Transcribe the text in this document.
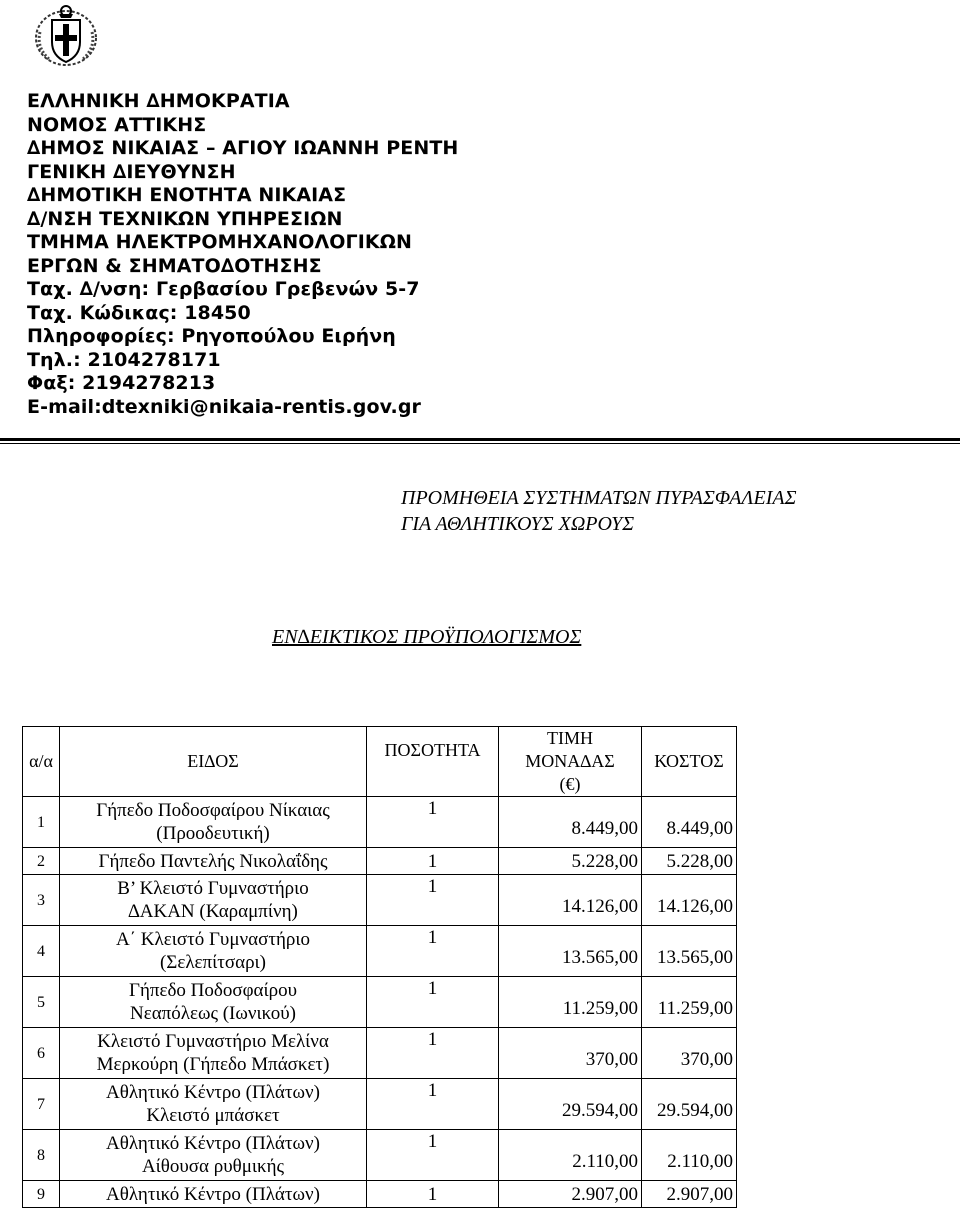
ΕΛΛΗΝΙΚΗ ∆ΗΜΟΚΡΑΤΙΑ
ΝΟΜΟΣ ΑΤΤΙΚΗΣ
∆ΗΜΟΣ ΝΙΚΑΙΑΣ – ΑΓΙΟΥ ΙΩΑΝΝΗ ΡΕΝΤΗ
ΓΕΝΙΚΗ ∆ΙΕΥΘΥΝΣΗ
∆ΗΜΟΤΙΚΗ ΕΝΟΤΗΤΑ ΝΙΚΑΙΑΣ
∆/ΝΣΗ ΤΕΧΝΙΚΩΝ ΥΠΗΡΕΣΙΩΝ
ΤΜΗΜΑ ΗΛΕΚΤΡΟΜΗΧΑΝΟΛΟΓΙΚΩΝ
ΕΡΓΩΝ & ΣΗΜΑΤΟ∆ΟΤΗΣΗΣ
Ταχ. ∆/νση: Γερβασίου Γρεβενών 5-7
Ταχ. Κώδικας: 18450
Πληροφορίες: Ρηγοπούλου Ειρήνη
Τηλ.: 2104278171
Φαξ: 2194278213
E-mail:dtexniki@nikaia-rentis.gov.gr
ΠΡΟΜΗΘΕΙΑ ΣΥΣΤΗΜΑΤΩΝ ΠΥΡΑΣΦΑΛΕΙΑΣ
ΓΙΑ ΑΘΛΗΤΙΚΟΥΣ ΧΩΡΟΥΣ
ΕΝ∆ΕΙΚΤΙΚΟΣ ΠΡΟΫΠΟΛΟΓΙΣΜΟΣ
α/α	ΕΙ∆ΟΣ	ΠΟΣΟΤΗΤΑ	ΤΙΜΗ ΜΟΝΑ∆ΑΣ
(€)	ΚΟΣΤΟΣ
1	Γήπεδο Ποδοσφαίρου Νίκαιας
(Προοδευτική)	1	8.449,00	8.449,00
2	Γήπεδο Παντελής Νικολαΐδης	1	5.228,00	5.228,00
3	Β’ Κλειστό Γυμναστήριο
∆ΑΚΑΝ (Καραμπίνη)	1	14.126,00	14.126,00
4	Α΄ Κλειστό Γυμναστήριο
(Σελεπίτσαρι)	1	13.565,00	13.565,00
5	Γήπεδο Ποδοσφαίρου
Νεαπόλεως (Ιωνικού)	1	11.259,00	11.259,00
6	Κλειστό Γυμναστήριο Μελίνα
Μερκούρη (Γήπεδο Μπάσκετ)	1	370,00	370,00
7	Αθλητικό Κέντρο (Πλάτων)
Κλειστό μπάσκετ	1	29.594,00	29.594,00
8	Αθλητικό Κέντρο (Πλάτων)
Αίθουσα ρυθμικής	1	2.110,00	2.110,00
9	Αθλητικό Κέντρο (Πλάτων)	1	2.907,00	2.907,00
